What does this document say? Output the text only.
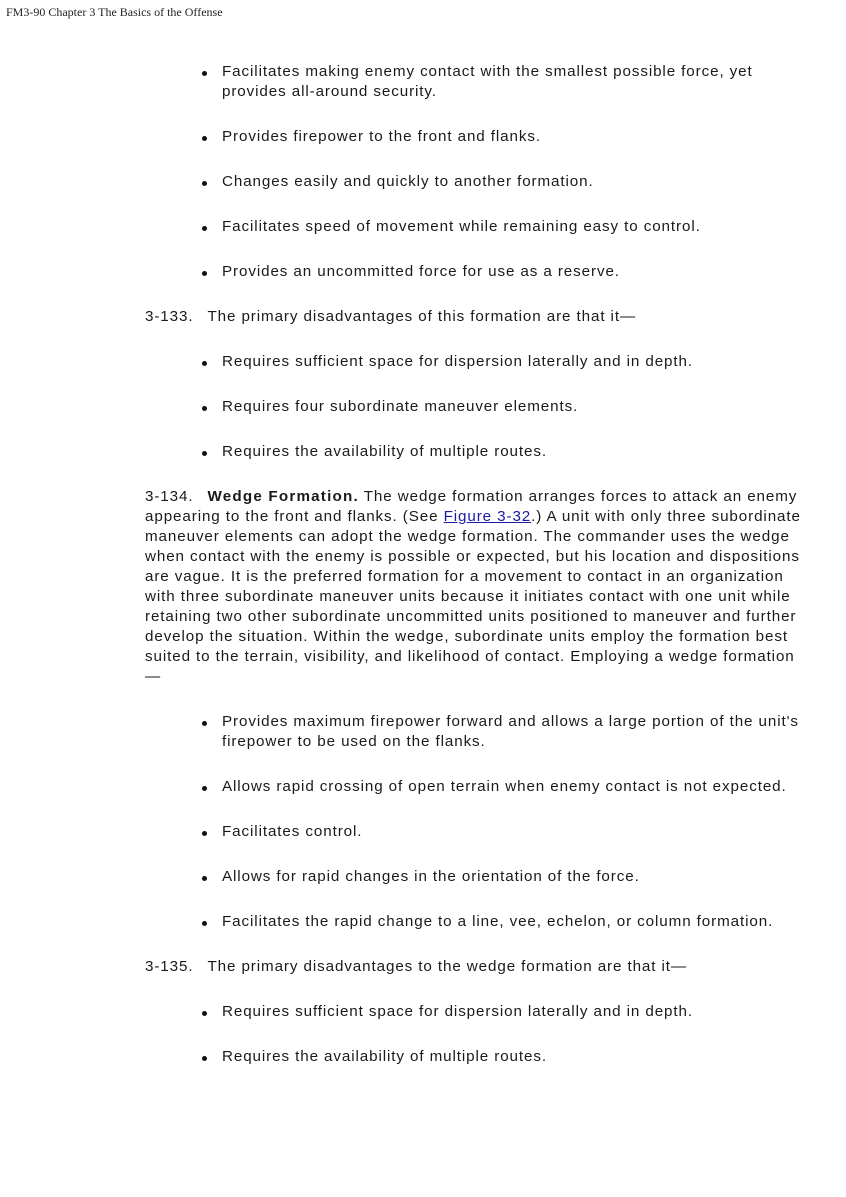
FM3-90 Chapter 3 The Basics of the Offense
Facilitates making enemy contact with the smallest possible force, yet provides all-around security.
Provides firepower to the front and flanks.
Changes easily and quickly to another formation.
Facilitates speed of movement while remaining easy to control.
Provides an uncommitted force for use as a reserve.

3-133. The primary disadvantages of this formation are that it—

Requires sufficient space for dispersion laterally and in depth.
Requires four subordinate maneuver elements.
Requires the availability of multiple routes.

3-134. Wedge Formation. The wedge formation arranges forces to attack an enemy appearing to the front and flanks. (See Figure 3-32.) A unit with only three subordinate maneuver elements can adopt the wedge formation. The commander uses the wedge when contact with the enemy is possible or expected, but his location and dispositions are vague. It is the preferred formation for a movement to contact in an organization with three subordinate maneuver units because it initiates contact with one unit while retaining two other subordinate uncommitted units positioned to maneuver and further develop the situation. Within the wedge, subordinate units employ the formation best suited to the terrain, visibility, and likelihood of contact. Employing a wedge formation—

Provides maximum firepower forward and allows a large portion of the unit's firepower to be used on the flanks.
Allows rapid crossing of open terrain when enemy contact is not expected.
Facilitates control.
Allows for rapid changes in the orientation of the force.
Facilitates the rapid change to a line, vee, echelon, or column formation.

3-135. The primary disadvantages to the wedge formation are that it—

Requires sufficient space for dispersion laterally and in depth.
Requires the availability of multiple routes.
